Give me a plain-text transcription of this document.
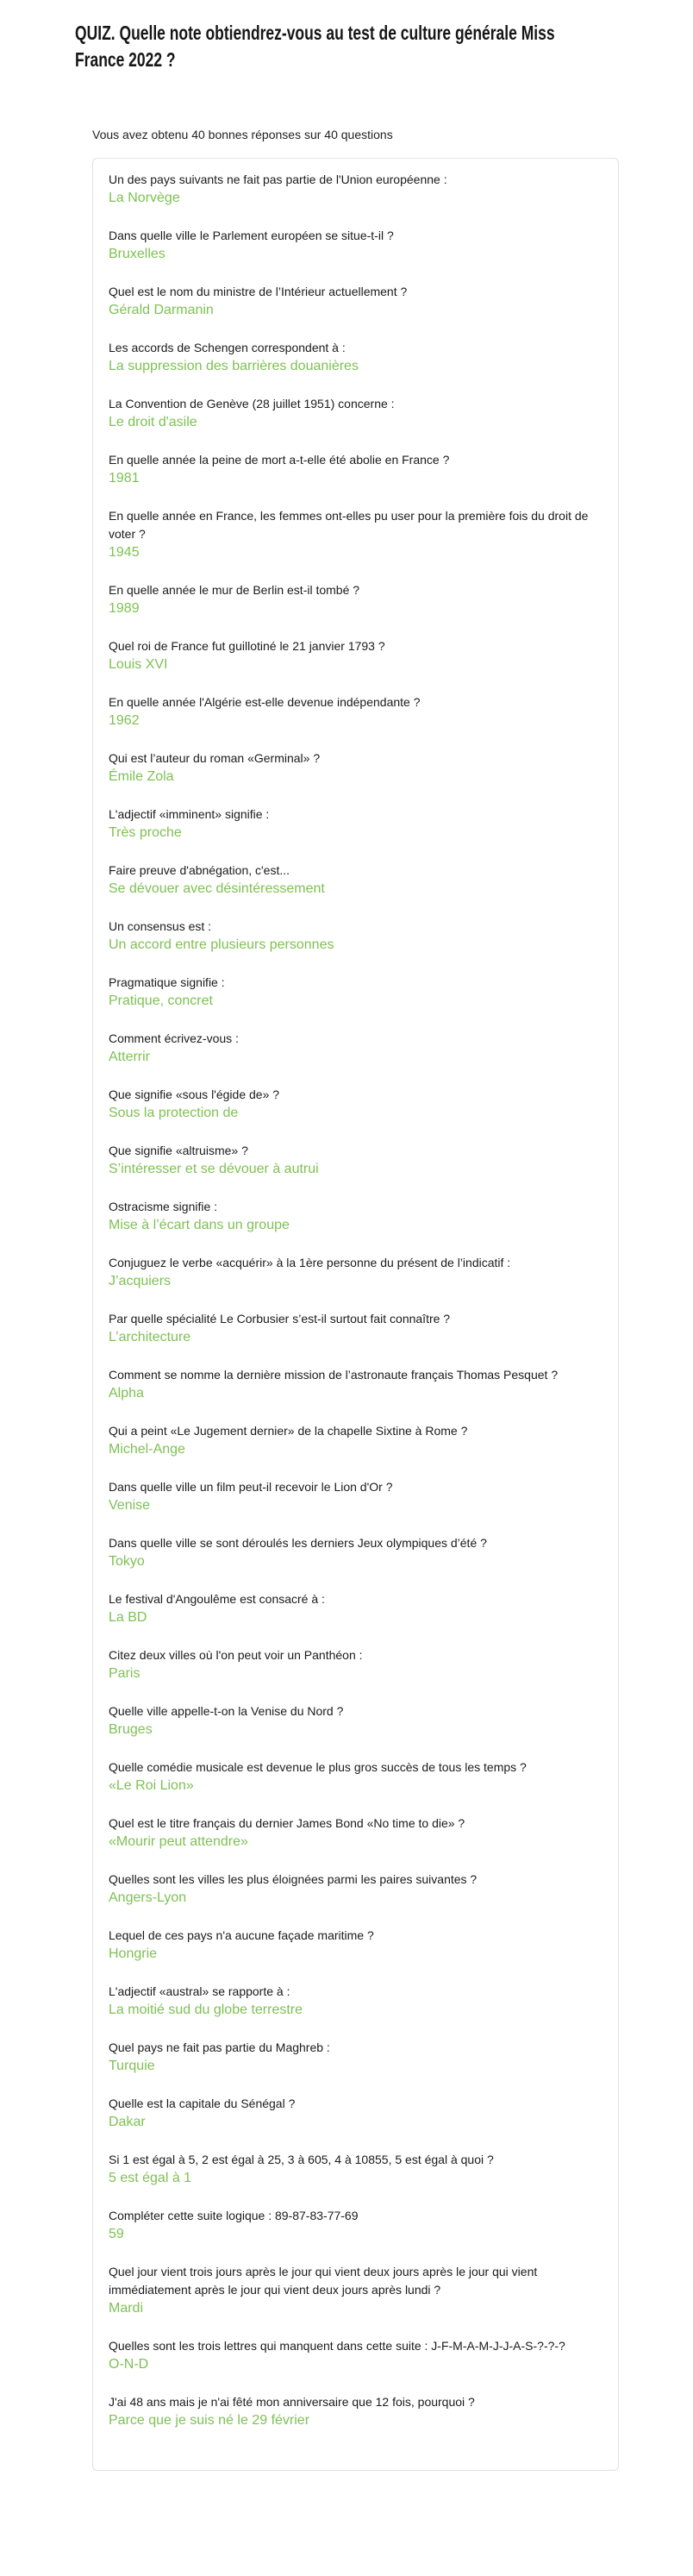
QUIZ. Quelle note obtiendrez-vous au test de culture générale Miss
France 2022 ?
Vous avez obtenu 40 bonnes réponses sur 40 questions
Un des pays suivants ne fait pas partie de l'Union européenne :
La Norvège
Dans quelle ville le Parlement européen se situe-t-il ?
Bruxelles
Quel est le nom du ministre de l’Intérieur actuellement ?
Gérald Darmanin
Les accords de Schengen correspondent à :
La suppression des barrières douanières
La Convention de Genève (28 juillet 1951) concerne :
Le droit d'asile
En quelle année la peine de mort a-t-elle été abolie en France ?
1981
En quelle année en France, les femmes ont-elles pu user pour la première fois du droit de voter ?
1945
En quelle année le mur de Berlin est-il tombé ?
1989
Quel roi de France fut guillotiné le 21 janvier 1793 ?
Louis XVI
En quelle année l'Algérie est-elle devenue indépendante ?
1962
Qui est l’auteur du roman «Germinal» ?
Émile Zola
L'adjectif «imminent» signifie :
Très proche
Faire preuve d'abnégation, c'est...
Se dévouer avec désintéressement
Un consensus est :
Un accord entre plusieurs personnes
Pragmatique signifie :
Pratique, concret
Comment écrivez-vous :
Atterrir
Que signifie «sous l'égide de» ?
Sous la protection de
Que signifie «altruisme» ?
S’intéresser et se dévouer à autrui
Ostracisme signifie :
Mise à l’écart dans un groupe
Conjuguez le verbe «acquérir» à la 1ère personne du présent de l’indicatif :
J’acquiers
Par quelle spécialité Le Corbusier s’est-il surtout fait connaître ?
L’architecture
Comment se nomme la dernière mission de l’astronaute français Thomas Pesquet ?
Alpha
Qui a peint «Le Jugement dernier» de la chapelle Sixtine à Rome ?
Michel-Ange
Dans quelle ville un film peut-il recevoir le Lion d'Or ?
Venise
Dans quelle ville se sont déroulés les derniers Jeux olympiques d’été ?
Tokyo
Le festival d'Angoulême est consacré à :
La BD
Citez deux villes où l'on peut voir un Panthéon :
Paris
Quelle ville appelle-t-on la Venise du Nord ?
Bruges
Quelle comédie musicale est devenue le plus gros succès de tous les temps ?
«Le Roi Lion»
Quel est le titre français du dernier James Bond «No time to die» ?
«Mourir peut attendre»
Quelles sont les villes les plus éloignées parmi les paires suivantes ?
Angers-Lyon
Lequel de ces pays n'a aucune façade maritime ?
Hongrie
L'adjectif «austral» se rapporte à :
La moitié sud du globe terrestre
Quel pays ne fait pas partie du Maghreb :
Turquie
Quelle est la capitale du Sénégal ?
Dakar
Si 1 est égal à 5, 2 est égal à 25, 3 à 605, 4 à 10855, 5 est égal à quoi ?
5 est égal à 1
Compléter cette suite logique : 89-87-83-77-69
59
Quel jour vient trois jours après le jour qui vient deux jours après le jour qui vient immédiatement après le jour qui vient deux jours après lundi ?
Mardi
Quelles sont les trois lettres qui manquent dans cette suite : J-F-M-A-M-J-J-A-S-?-?-?
O-N-D
J'ai 48 ans mais je n'ai fêté mon anniversaire que 12 fois, pourquoi ?
Parce que je suis né le 29 février
